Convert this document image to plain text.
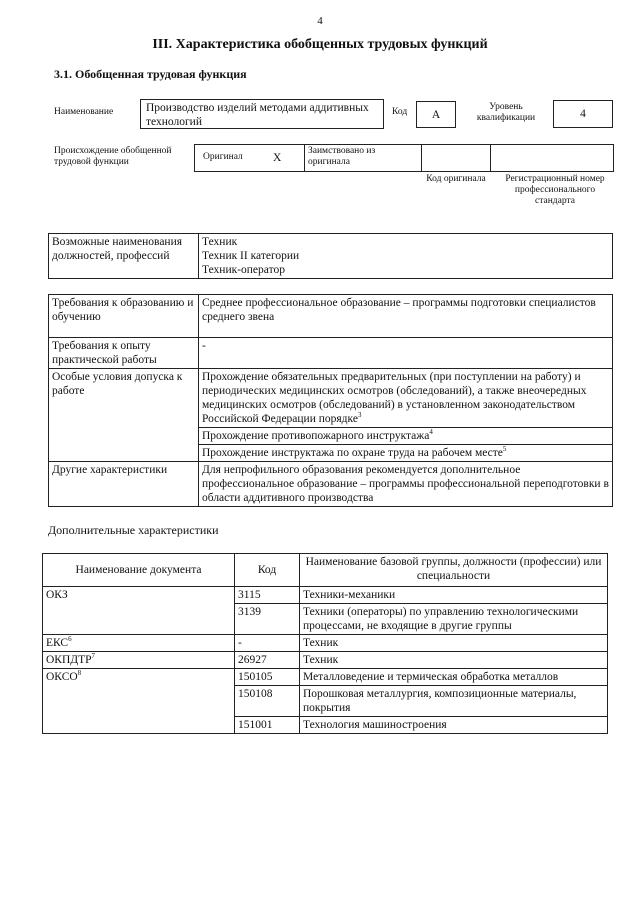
4
III. Характеристика обобщенных трудовых функций
3.1. Обобщенная трудовая функция
Наименование	Производство изделий методами аддитивных технологий
Код	А
Уровень квалификации	4
Происхождение обобщенной трудовой функции	Оригинал	Х
Заимствовано из оригинала
Код оригинала	Регистрационный номер профессионального стандарта
Возможные наименования должностей, профессий	
Техник
Техник II категории
Техник-оператор
Требования к образованию и обучению	Среднее профессиональное образование – программы подготовки специалистов среднего звена
Требования к опыту практической работы	-
Особые условия допуска к работе	Прохождение обязательных предварительных (при поступлении на работу) и периодических медицинских осмотров (обследований), а также внеочередных медицинских осмотров (обследований) в установленном законодательством Российской Федерации порядке$^3$
	Прохождение противопожарного инструктажа$^4$
	Прохождение инструктажа по охране труда на рабочем месте$^5$
Другие характеристики	Для непрофильного образования рекомендуется дополнительное профессиональное образование – программы профессиональной переподготовки в области аддитивного производства
Дополнительные характеристики
Наименование документа	Код	Наименование базовой группы, должности (профессии) или специальности
ОКЗ	3115	Техники-механики
	3139	Техники (операторы) по управлению технологическими процессами, не входящие в другие группы
ЕКС$^6$	-	Техник
ОКПДТР$^7$	26927	Техник
ОКСО$^8$	150105	Металловедение и термическая обработка металлов
	150108	Порошковая металлургия, композиционные материалы, покрытия
	151001	Технология машиностроения
